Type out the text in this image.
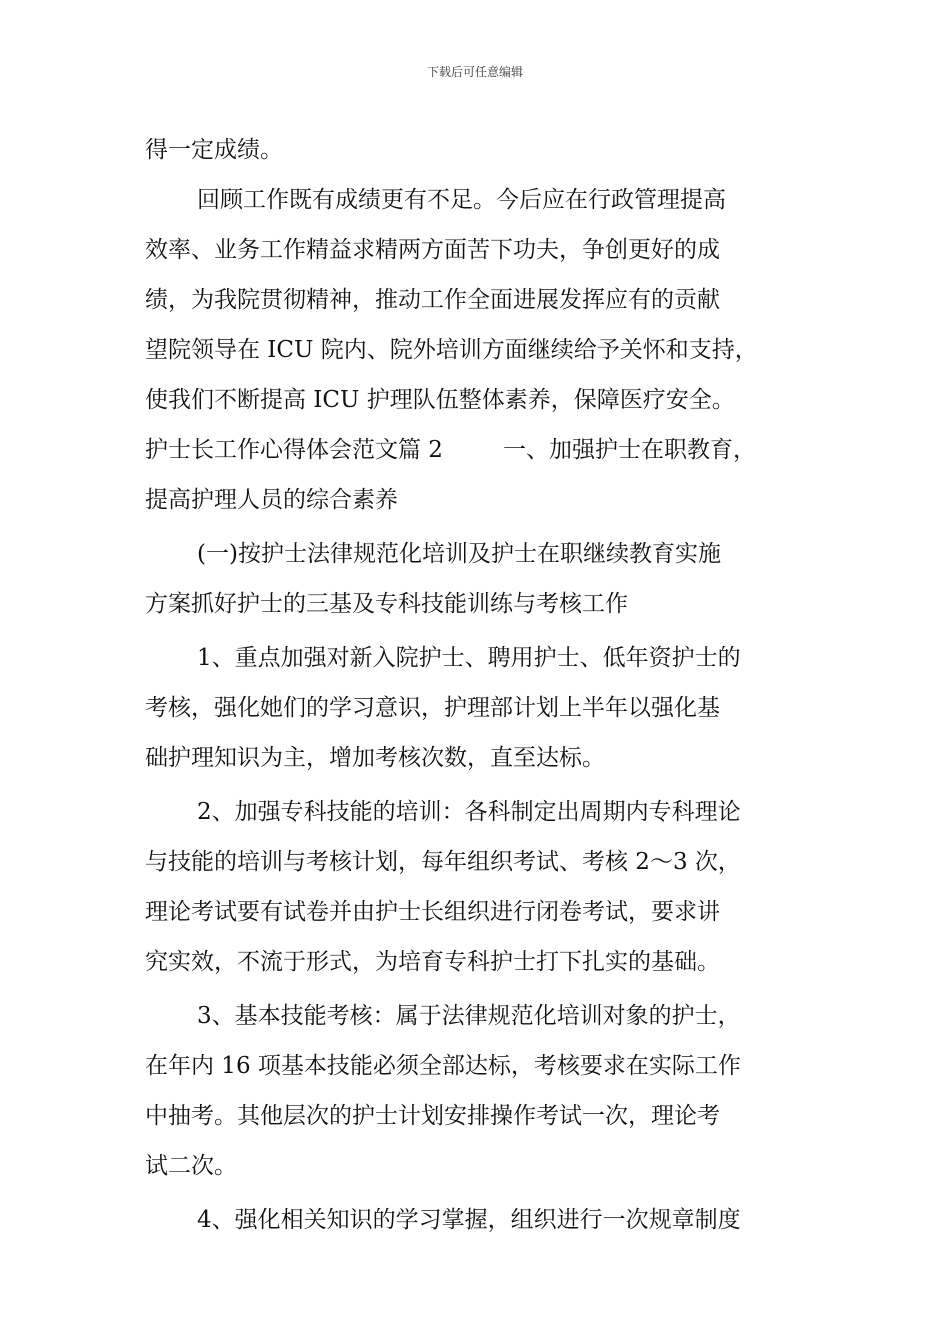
下载后可任意编辑
得一定成绩。
回顾工作既有成绩更有不足。今后应在行政管理提高
效率、业务工作精益求精两方面苦下功夫，争创更好的成
绩，为我院贯彻精神，推动工作全面进展发挥应有的贡献
望院领导在 ICU 院内、院外培训方面继续给予关怀和支持，
使我们不断提高 ICU 护理队伍整体素养，保障医疗安全。
护士长工作心得体会范文篇 2	一、加强护士在职教育，
提高护理人员的综合素养
(一)按护士法律规范化培训及护士在职继续教育实施
方案抓好护士的三基及专科技能训练与考核工作
1、重点加强对新入院护士、聘用护士、低年资护士的
考核，强化她们的学习意识，护理部计划上半年以强化基
础护理知识为主，增加考核次数，直至达标。
2、加强专科技能的培训：各科制定出周期内专科理论
与技能的培训与考核计划，每年组织考试、考核 2～3 次，
理论考试要有试卷并由护士长组织进行闭卷考试，要求讲
究实效，不流于形式，为培育专科护士打下扎实的基础。
3、基本技能考核：属于法律规范化培训对象的护士，
在年内 16 项基本技能必须全部达标，考核要求在实际工作
中抽考。其他层次的护士计划安排操作考试一次，理论考
试二次。
4、强化相关知识的学习掌握，组织进行一次规章制度
